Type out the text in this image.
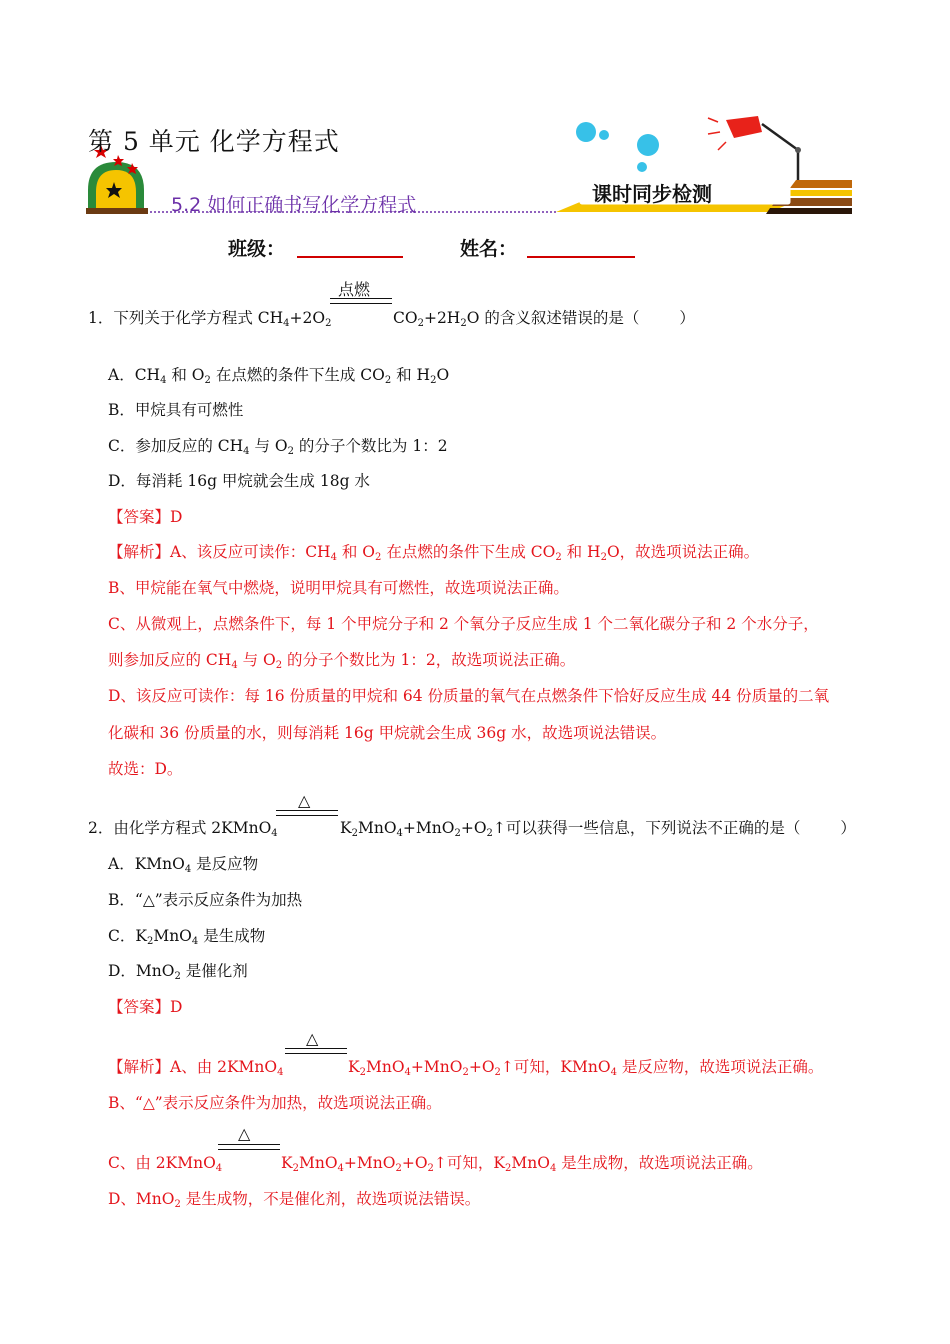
第 5 单元 化学方程式
5.2 如何正确书写化学方程式	课时同步检测
班级：	姓名：
点燃
1．下列关于化学方程式 $CH_4+2O_2$	$CO_2+2H_2O$ 的含义叙述错误的是（	）
A．$CH_4$ 和 $O_2$ 在点燃的条件下生成 $CO_2$ 和 $H_2O$
B．甲烷具有可燃性
C．参加反应的 $CH_4$ 与 $O_2$ 的分子个数比为 1：2
D．每消耗 16g 甲烷就会生成 18g 水
【答案】D
【解析】A、该反应可读作：$CH_4$ 和 $O_2$ 在点燃的条件下生成 $CO_2$ 和 $H_2O$，故选项说法正确。
B、甲烷能在氧气中燃烧，说明甲烷具有可燃性，故选项说法正确。
C、从微观上，点燃条件下，每 1 个甲烷分子和 2 个氧分子反应生成 1 个二氧化碳分子和 2 个水分子，
则参加反应的 $CH_4$ 与 $O_2$ 的分子个数比为 1：2，故选项说法正确。
D、该反应可读作：每 16 份质量的甲烷和 64 份质量的氧气在点燃条件下恰好反应生成 44 份质量的二氧
化碳和 36 份质量的水，则每消耗 16g 甲烷就会生成 36g 水，故选项说法错误。
故选：D。
△
2．由化学方程式 2KMnO$_4$	$K_2MnO_4+MnO_2+O_2↑$可以获得一些信息，下列说法不正确的是（	）
A．KMnO$_4$ 是反应物
B．“△”表示反应条件为加热
C．$K_2MnO_4$ 是生成物
D．MnO$_2$ 是催化剂
【答案】D
△
【解析】A、由 2KMnO$_4$	$K_2MnO_4+MnO_2+O_2↑$可知，KMnO$_4$ 是反应物，故选项说法正确。
B、“△”表示反应条件为加热，故选项说法正确。
△
C、由 2KMnO$_4$	$K_2MnO_4+MnO_2+O_2↑$可知，$K_2MnO_4$ 是生成物，故选项说法正确。
D、MnO$_2$ 是生成物，不是催化剂，故选项说法错误。
